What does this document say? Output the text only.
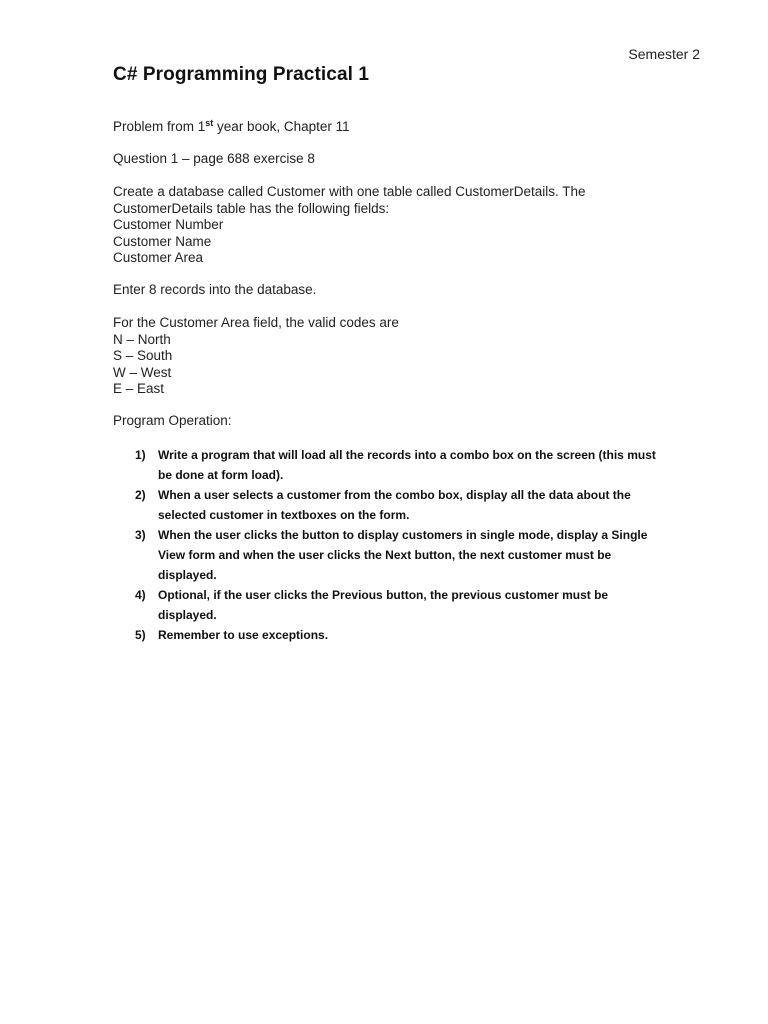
Semester 2
C# Programming Practical 1

Problem from 1st year book, Chapter 11

Question 1 – page 688 exercise 8

Create a database called Customer with one table called CustomerDetails. The
CustomerDetails table has the following fields:
Customer Number
Customer Name
Customer Area

Enter 8 records into the database.

For the Customer Area field, the valid codes are
N – North
S – South
W – West
E – East

Program Operation:

1) Write a program that will load all the records into a combo box on the screen (this must
be done at form load).
2) When a user selects a customer from the combo box, display all the data about the
selected customer in textboxes on the form.
3) When the user clicks the button to display customers in single mode, display a Single
View form and when the user clicks the Next button, the next customer must be
displayed.
4) Optional, if the user clicks the Previous button, the previous customer must be
displayed.
5) Remember to use exceptions.
